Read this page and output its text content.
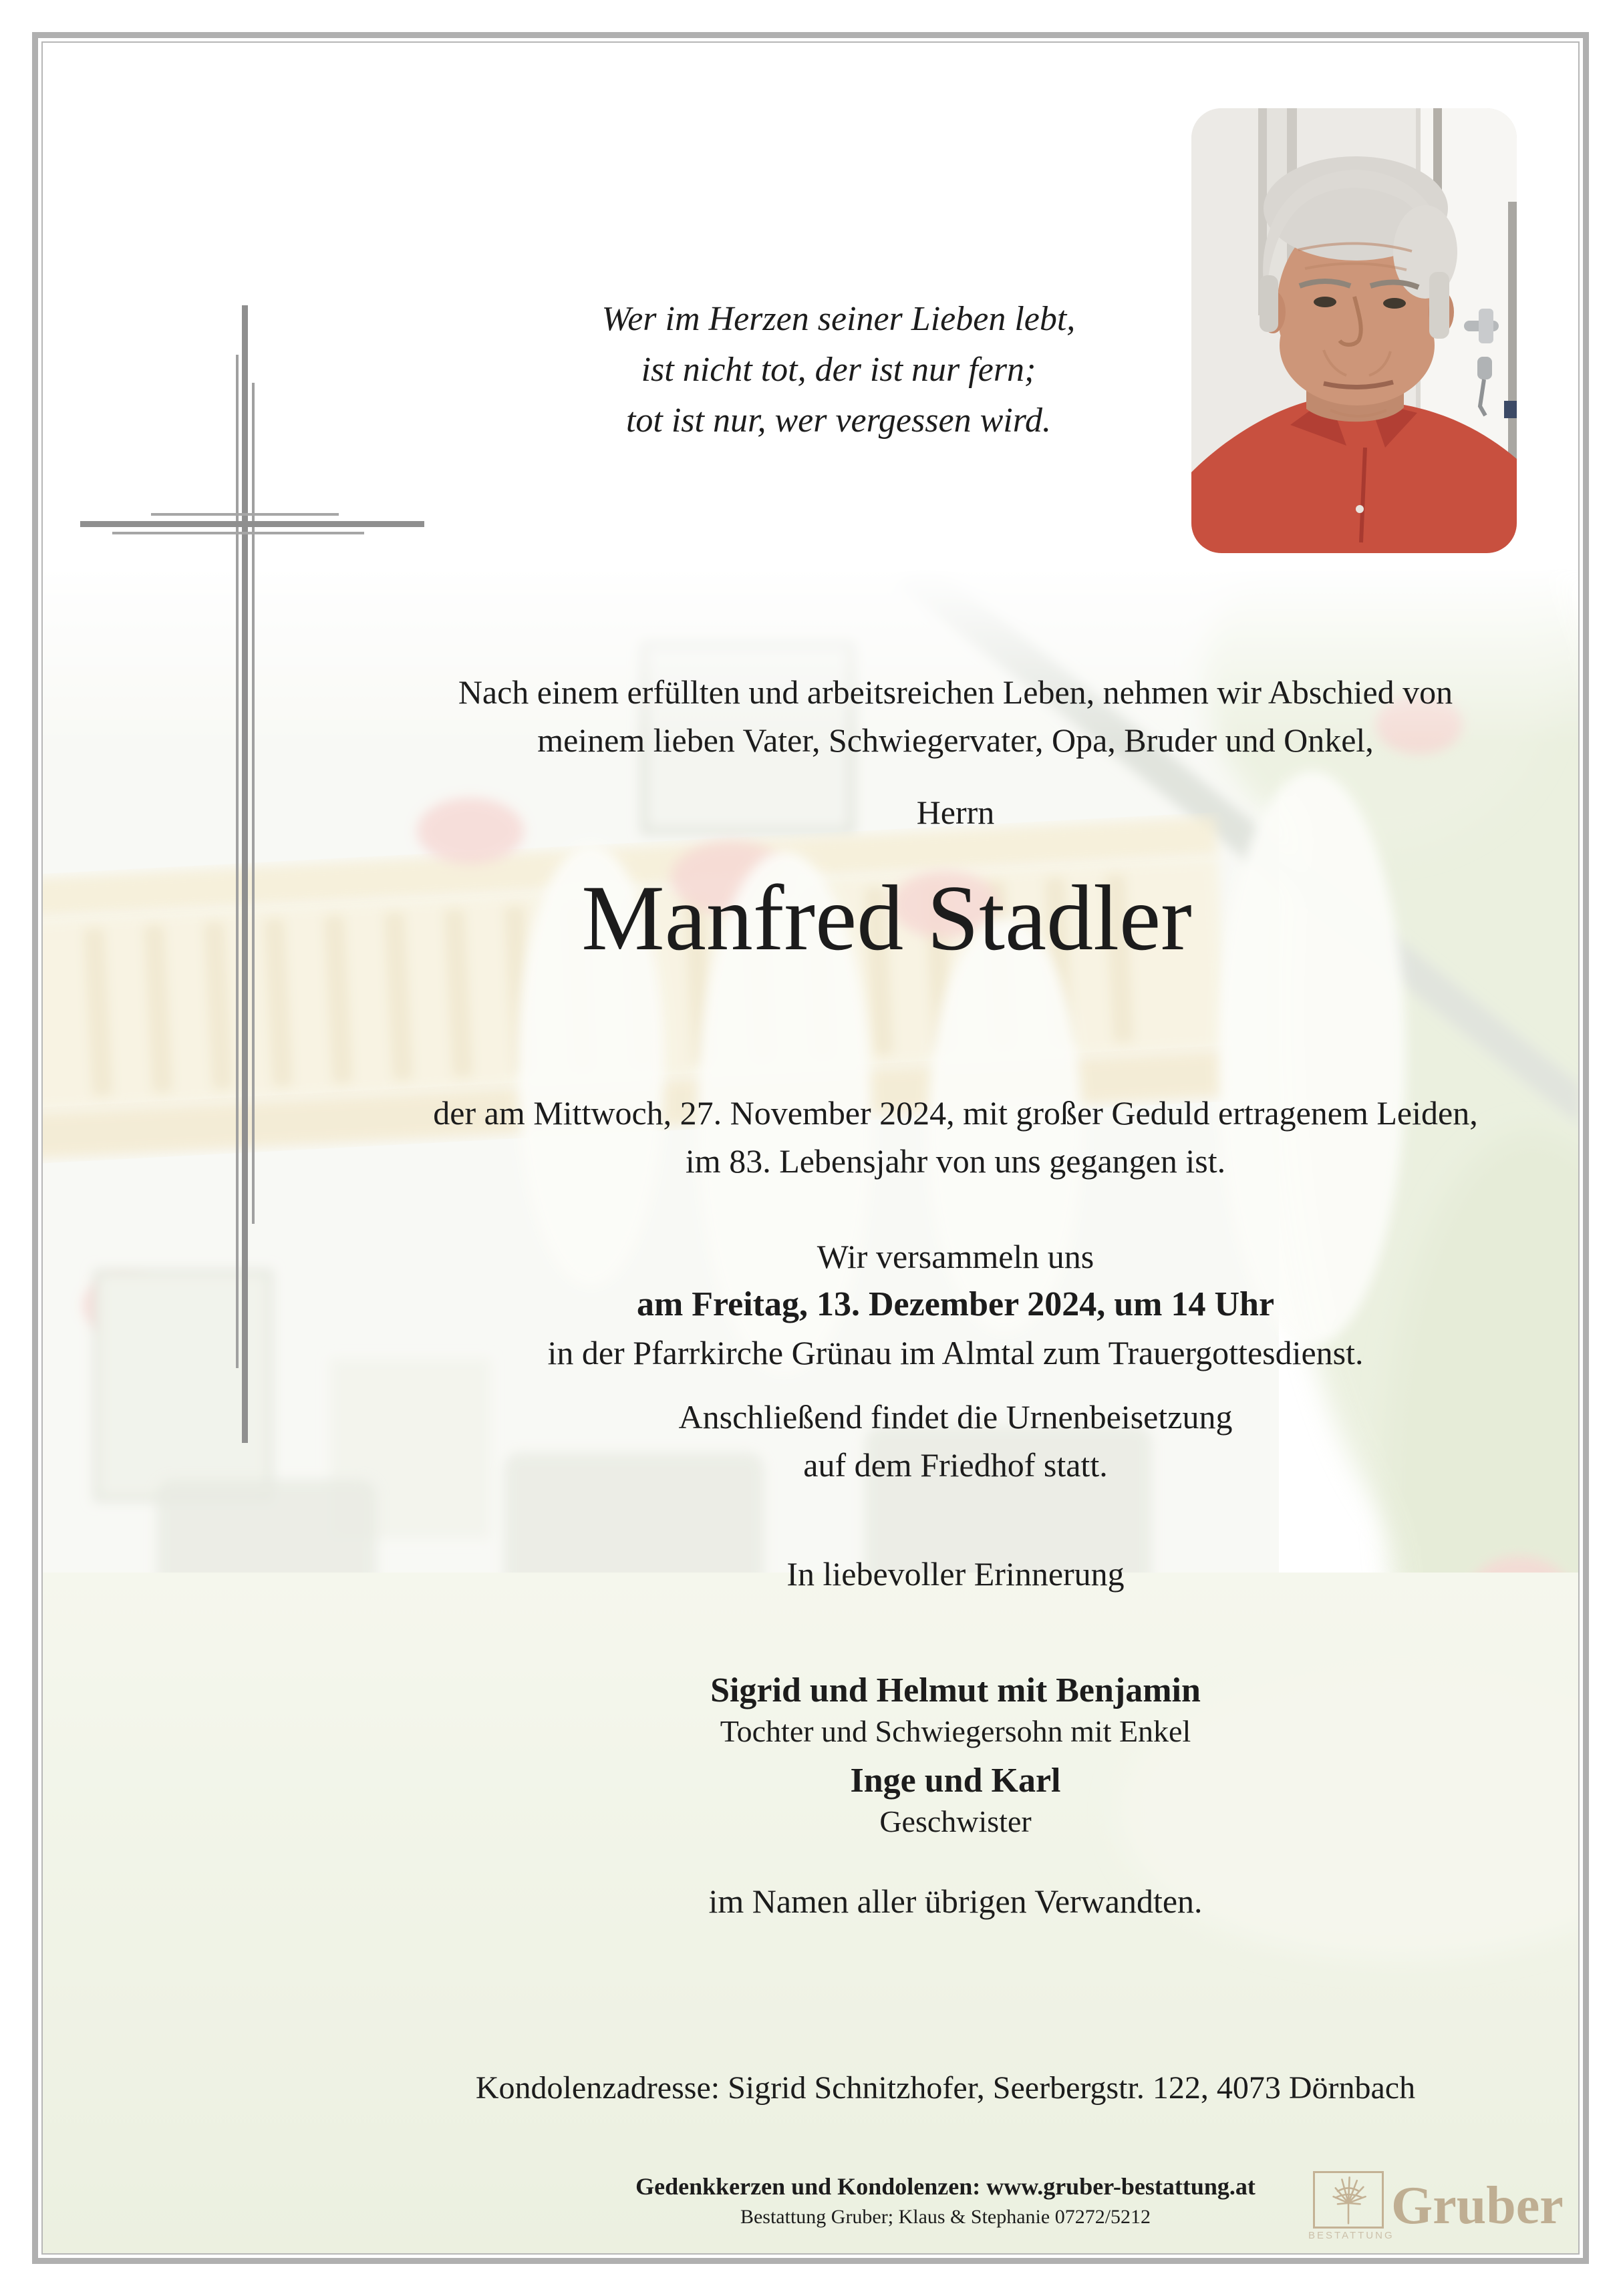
Wer im Herzen seiner Lieben lebt,
ist nicht tot, der ist nur fern;
tot ist nur, wer vergessen wird.
Nach einem erfüllten und arbeitsreichen Leben, nehmen wir Abschied von
meinem lieben Vater, Schwiegervater, Opa, Bruder und Onkel,
Herrn
Manfred Stadler
der am Mittwoch, 27. November 2024, mit großer Geduld ertragenem Leiden,
im 83. Lebensjahr von uns gegangen ist.
Wir versammeln uns
am Freitag, 13. Dezember 2024, um 14 Uhr
in der Pfarrkirche Grünau im Almtal zum Trauergottesdienst.
Anschließend findet die Urnenbeisetzung
auf dem Friedhof statt.
In liebevoller Erinnerung
Sigrid und Helmut mit Benjamin
Tochter und Schwiegersohn mit Enkel
Inge und Karl
Geschwister
im Namen aller übrigen Verwandten.
Kondolenzadresse: Sigrid Schnitzhofer, Seerbergstr. 122, 4073 Dörnbach
Gedenkkerzen und Kondolenzen: www.gruber-bestattung.at
Bestattung Gruber; Klaus & Stephanie 07272/5212
BESTATTUNG
Gruber
